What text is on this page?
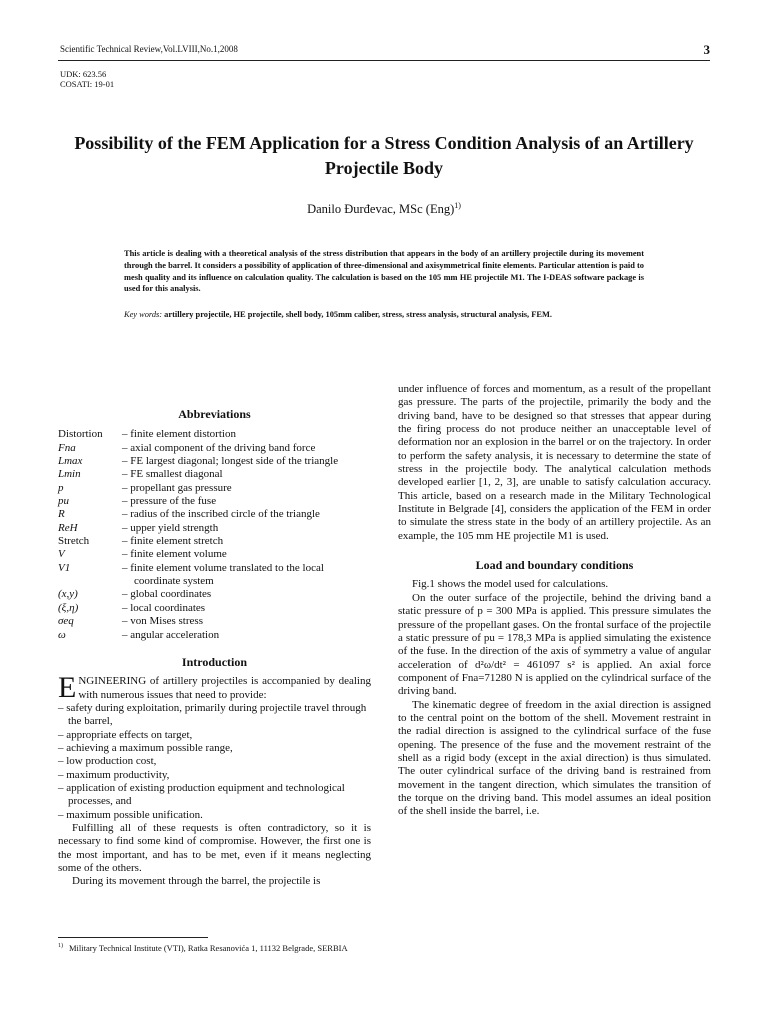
Scientific Technical Review,Vol.LVIII,No.1,2008	3
UDK: 623.56
COSATI: 19-01
Possibility of the FEM Application for a Stress Condition Analysis of an Artillery Projectile Body
Danilo Đurđevac, MSc (Eng)$^{1)}$
This article is dealing with a theoretical analysis of the stress distribution that appears in the body of an artillery projectile during its movement through the barrel. It considers a possibility of application of three-dimensional and axisymmetrical finite elements. Particular attention is paid to mesh quality and its influence on calculation quality. The calculation is based on the 105 mm HE projectile M1. The I-DEAS software package is used for this analysis.
Key words: artillery projectile, HE projectile, shell body, 105mm caliber, stress, stress analysis, structural analysis, FEM.
Abbreviations
Distortion	– finite element distortion
Fna	– axial component of the driving band force
Lmax	– FE largest diagonal; longest side of the triangle
Lmin	– FE smallest diagonal
p	– propellant gas pressure
pu	– pressure of the fuse
R	– radius of the inscribed circle of the triangle
ReH	– upper yield strength
Stretch	– finite element stretch
V	– finite element volume
V1	– finite element volume translated to the local coordinate system
(x,y)	– global coordinates
(ξ,η)	– local coordinates
σeq	– von Mises stress
ω	– angular acceleration
Introduction

ENGINEERING of artillery projectiles is accompanied by dealing with numerous issues that need to provide:

– safety during exploitation, primarily during projectile travel through the barrel,
– appropriate effects on target,
– achieving a maximum possible range,
– low production cost,
– maximum productivity,
– application of existing production equipment and technological processes, and
– maximum possible unification.

Fulfilling all of these requests is often contradictory, so it is necessary to find some kind of compromise. However, the first one is the most important, and has to be met, even if it means neglecting some of the others.

During its movement through the barrel, the projectile is

under influence of forces and momentum, as a result of the propellant gas pressure. The parts of the projectile, primarily the body and the driving band, have to be designed so that stresses that appear during the firing process do not produce neither an unacceptable level of deformation nor an explosion in the barrel or on the trajectory. In order to perform the safety analysis, it is necessary to determine the state of stress in the projectile body. The analytical calculation methods developed earlier [1, 2, 3], are unable to satisfy calculation accuracy. This article, based on a research made in the Military Technological Institute in Belgrade [4], considers the application of the FEM in order to simulate the stress state in the body of an artillery projectile. As an example, the 105 mm HE projectile M1 is used.

Load and boundary conditions

Fig.1 shows the model used for calculations.

On the outer surface of the projectile, behind the driving band a static pressure of p = 300 MPa is applied. This pressure simulates the pressure of the propellant gases. On the frontal surface of the projectile a static pressure of pu = 178,3 MPa is applied simulating the existence of the fuse. In the direction of the axis of symmetry a value of angular acceleration of d²ω/dt² = 461097 s² is applied. An axial force component of Fna=71280 N is applied on the cylindrical surface of the driving band.

The kinematic degree of freedom in the axial direction is assigned to the central point on the bottom of the shell. Movement restraint in the radial direction is assigned to the cylindrical surface of the fuse opening. The presence of the fuse and the movement restraint of the shell as a rigid body (except in the axial direction) is thus simulated. The outer cylindrical surface of the driving band is restrained from movement in the tangent direction, which simulates the transition of the torque on the driving band. This model assumes an ideal position of the shell inside the barrel, i.e.

$^{1)}$ Military Technical Institute (VTI), Ratka Resanovića 1, 11132 Belgrade, SERBIA
